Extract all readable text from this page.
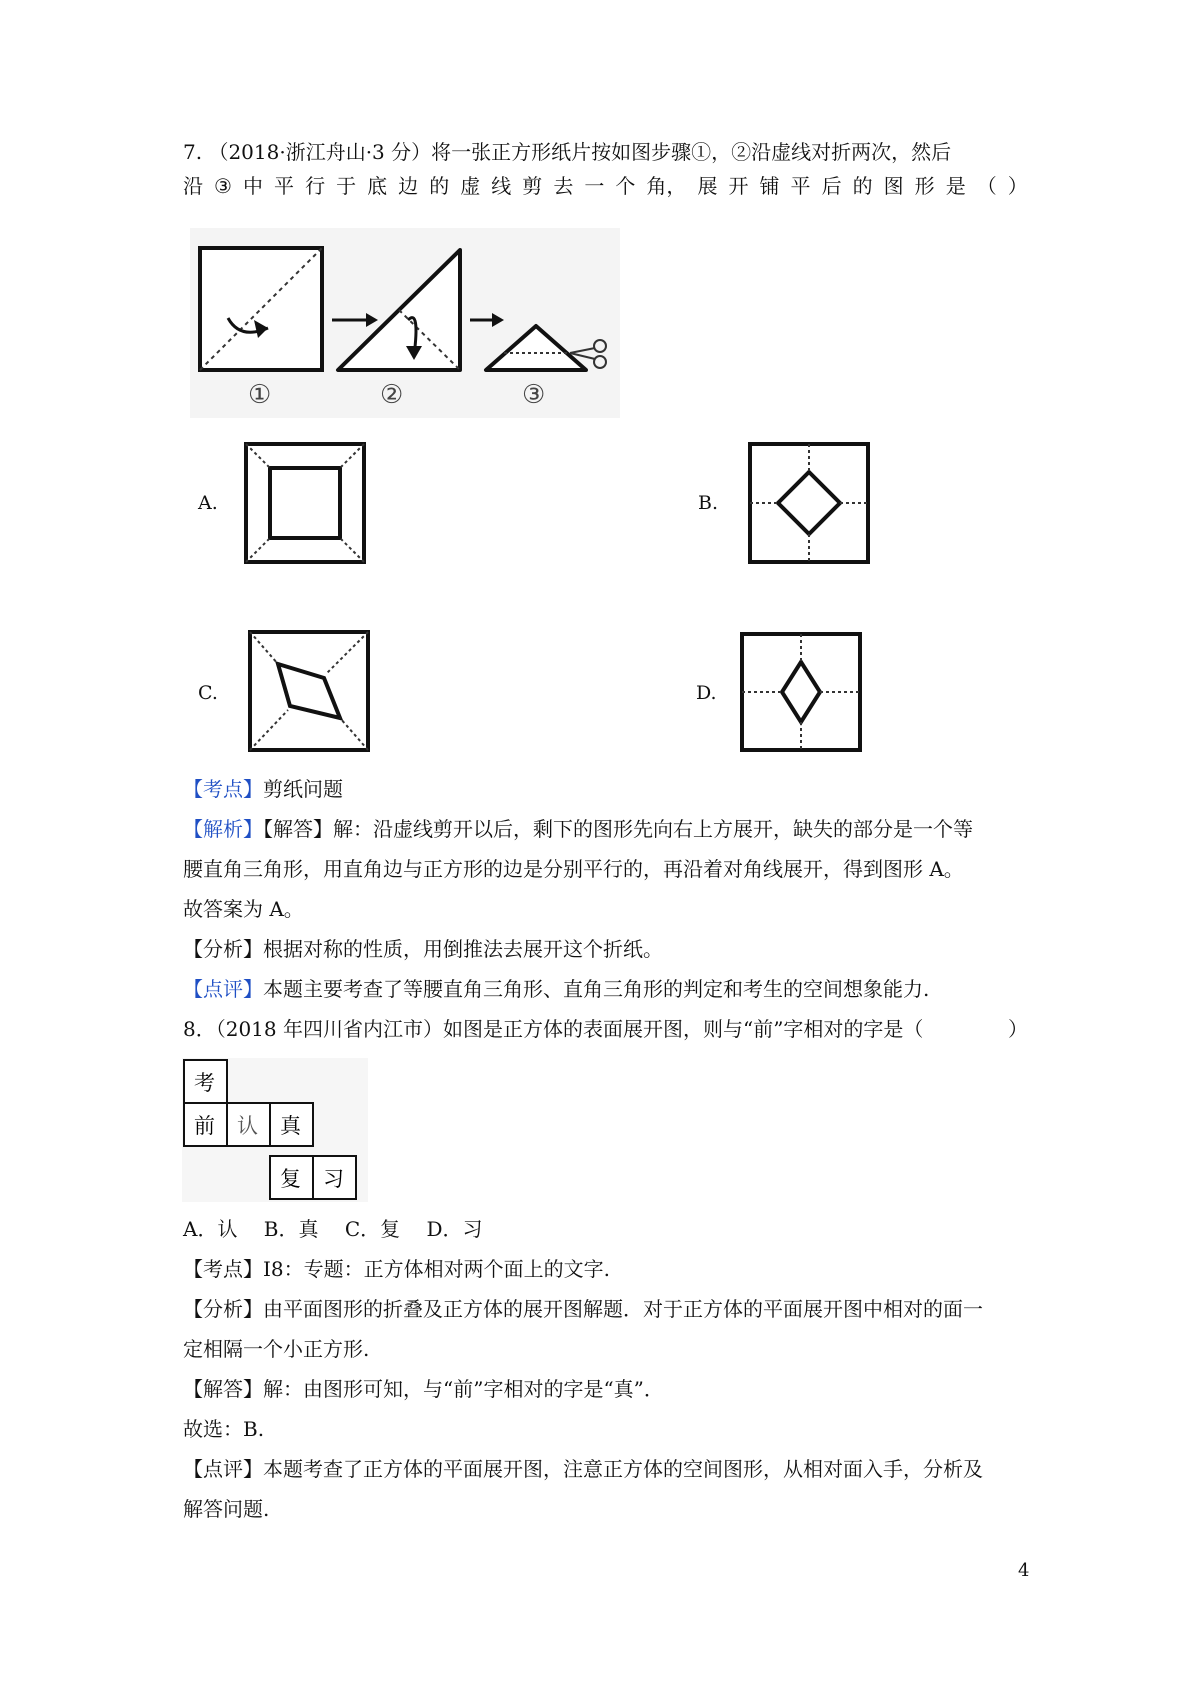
7. （2018·浙江舟山·3 分）将一张正方形纸片按如图步骤①，②沿虚线对折两次，然后
沿 ③ 中 平 行 于 底 边 的 虚 线 剪 去 一 个 角， 展 开 铺 平 后 的 图 形 是 （ ）
①	②	③
A.	B.
C.	D.
【考点】剪纸问题
【解析】【解答】解：沿虚线剪开以后，剩下的图形先向右上方展开，缺失的部分是一个等
腰直角三角形，用直角边与正方形的边是分别平行的，再沿着对角线展开，得到图形 A。
故答案为 A。
【分析】根据对称的性质，用倒推法去展开这个折纸。
【点评】本题主要考查了等腰直角三角形、直角三角形的判定和考生的空间想象能力.
8．（2018 年四川省内江市）如图是正方体的表面展开图，则与“前”字相对的字是（	）
考
前 认 真
复 习
A．认　 B．真　 C．复　 D．习
【考点】I8：专题：正方体相对两个面上的文字.
【分析】由平面图形的折叠及正方体的展开图解题．对于正方体的平面展开图中相对的面一
定相隔一个小正方形.
【解答】解：由图形可知，与“前”字相对的字是“真”．
故选：B.
【点评】本题考查了正方体的平面展开图，注意正方体的空间图形，从相对面入手，分析及
解答问题.
4
